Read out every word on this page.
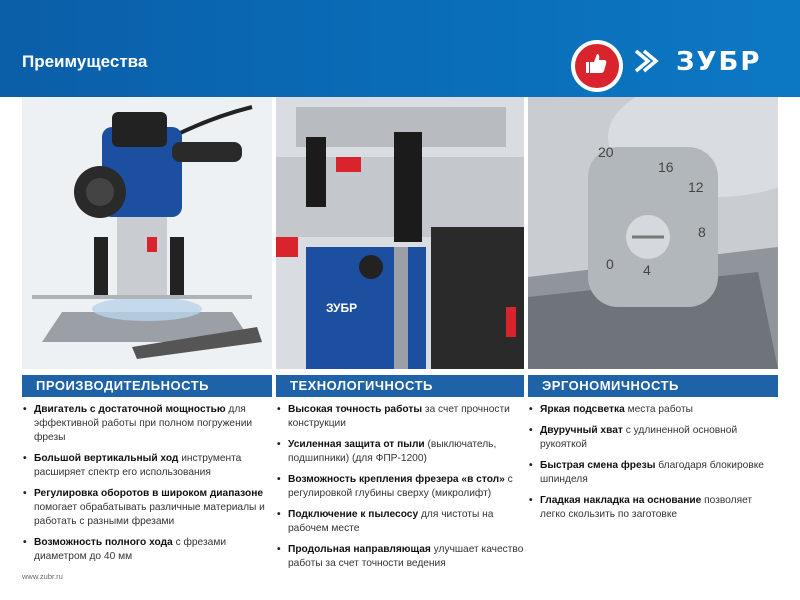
Преимущества	ЗУБР
ЗУБР
20
16
12
8
4
0
ПРОИЗВОДИТЕЛЬНОСТЬ	ТЕХНОЛОГИЧНОСТЬ	ЭРГОНОМИЧНОСТЬ
• Двигатель с достаточной мощностью для эффективной работы при полном погружении фрезы
• Большой вертикальный ход инструмента расширяет спектр его использования
• Регулировка оборотов в широком диапазоне помогает обрабатывать различные материалы и работать с разными фрезами
• Возможность полного хода с фрезами диаметром до 40 мм
• Высокая точность работы за счет прочности конструкции
• Усиленная защита от пыли (выключатель, подшипники) (для ФПР-1200)
• Возможность крепления фрезера «в стол» с регулировкой глубины сверху (микролифт)
• Подключение к пылесосу для чистоты на рабочем месте
• Продольная направляющая улучшает качество работы за счет точности ведения
• Яркая подсветка места работы
• Двуручный хват с удлиненной основной рукояткой
• Быстрая смена фрезы благодаря блокировке шпинделя
• Гладкая накладка на основание позволяет легко скользить по заготовке
www.zubr.ru
